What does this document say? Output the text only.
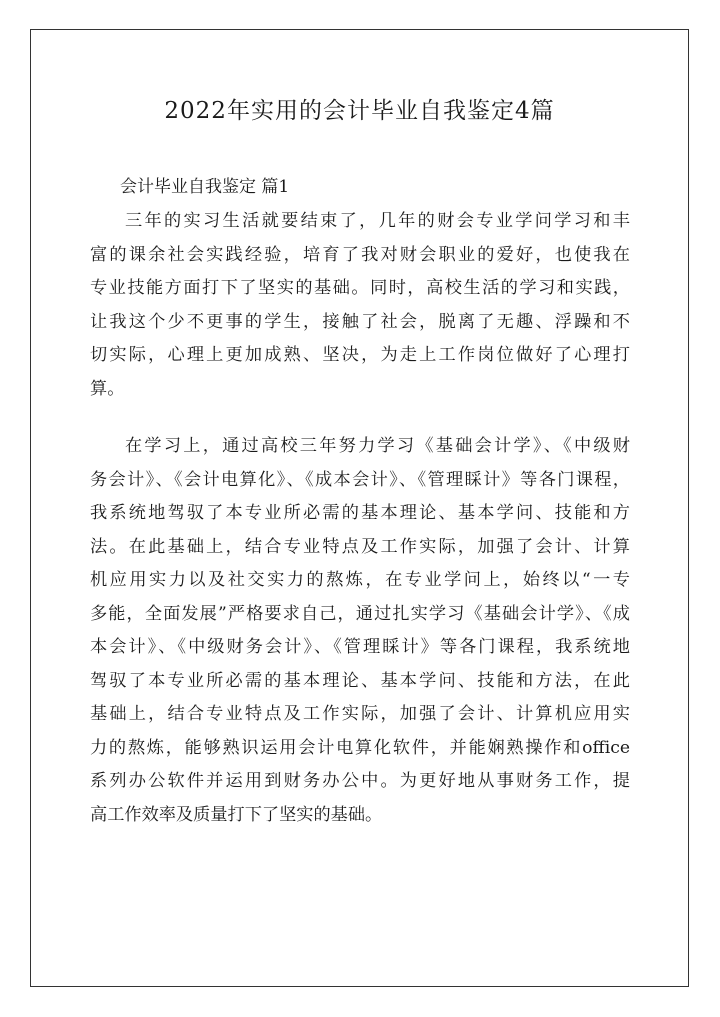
2022年实用的会计毕业自我鉴定4篇
会计毕业自我鉴定 篇1
三年的实习生活就要结束了，几年的财会专业学问学习和丰
富的课余社会实践经验，培育了我对财会职业的爱好，也使我在
专业技能方面打下了坚实的基础。同时，高校生活的学习和实践，
让我这个少不更事的学生，接触了社会，脱离了无趣、浮躁和不
切实际，心理上更加成熟、坚决，为走上工作岗位做好了心理打
算。
在学习上，通过高校三年努力学习《基础会计学》、《中级财
务会计》、《会计电算化》、《成本会计》、《管理睬计》等各门课程，
我系统地驾驭了本专业所必需的基本理论、基本学问、技能和方
法。在此基础上，结合专业特点及工作实际，加强了会计、计算
机应用实力以及社交实力的熬炼，在专业学问上，始终以“一专
多能，全面发展”严格要求自己，通过扎实学习《基础会计学》、《成
本会计》、《中级财务会计》、《管理睬计》等各门课程，我系统地
驾驭了本专业所必需的基本理论、基本学问、技能和方法，在此
基础上，结合专业特点及工作实际，加强了会计、计算机应用实
力的熬炼，能够熟识运用会计电算化软件，并能娴熟操作和office
系列办公软件并运用到财务办公中。为更好地从事财务工作，提
高工作效率及质量打下了坚实的基础。
